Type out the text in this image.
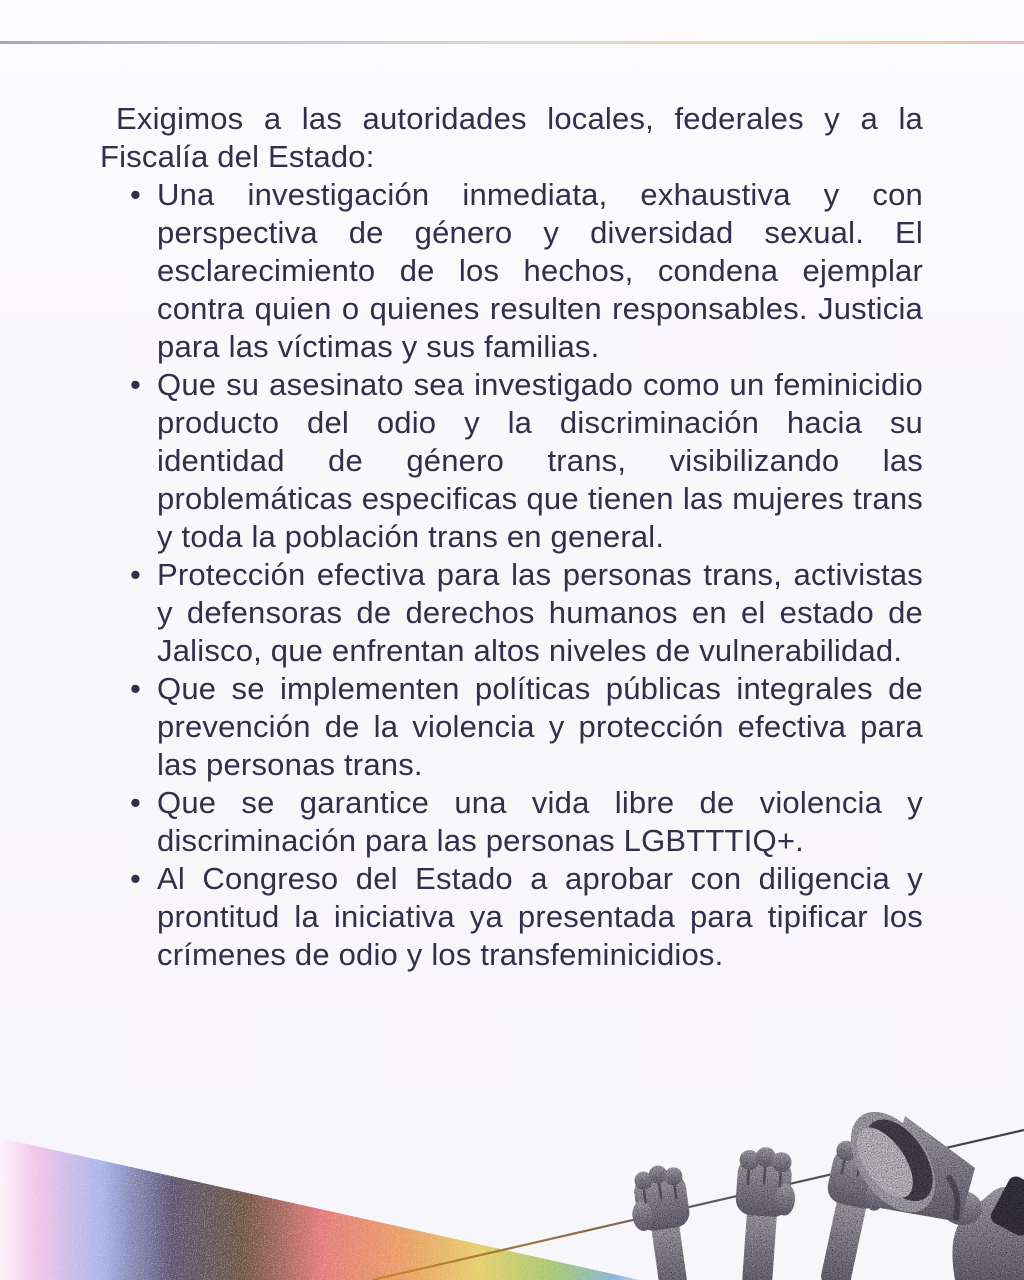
Exigimos a las autoridades locales, federales y a la Fiscalía del Estado:

• Una investigación inmediata, exhaustiva y con perspectiva de género y diversidad sexual. El esclarecimiento de los hechos, condena ejemplar contra quien o quienes resulten responsables. Justicia para las víctimas y sus familias.
• Que su asesinato sea investigado como un feminicidio producto del odio y la discriminación hacia su identidad de género trans, visibilizando las problemáticas especificas que tienen las mujeres trans y toda la población trans en general.
• Protección efectiva para las personas trans, activistas y defensoras de derechos humanos en el estado de Jalisco, que enfrentan altos niveles de vulnerabilidad.
• Que se implementen políticas públicas integrales de prevención de la violencia y protección efectiva para las personas trans.
• Que se garantice una vida libre de violencia y discriminación para las personas LGBTTTIQ+.
• Al Congreso del Estado a aprobar con diligencia y prontitud la iniciativa ya presentada para tipificar los crímenes de odio y los transfeminicidios.
